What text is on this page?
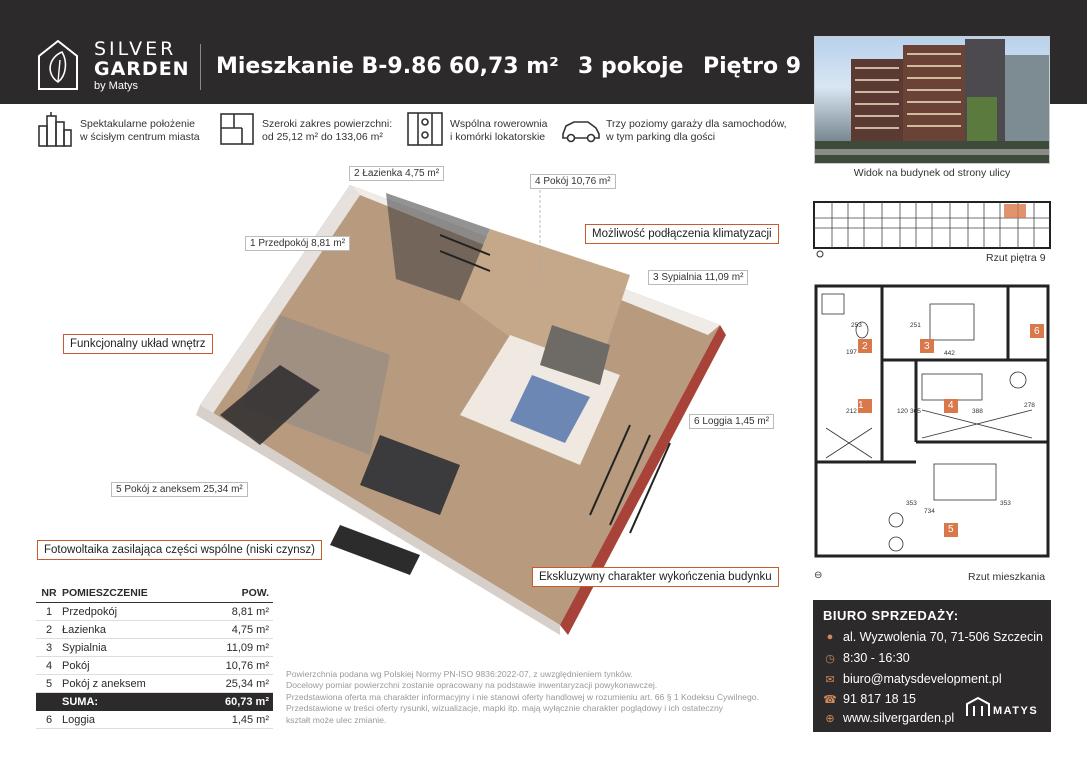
SILVER
GARDEN
by Matys
Mieszkanie B-9.86 60,73 m² 3 pokoje Piętro 9
Widok na budynek od strony ulicy
Spektakularne położenie
w ścisłym centrum miasta
Szeroki zakres powierzchni:
od 25,12 m² do 133,06 m²
Wspólna rowerownia
i komórki lokatorskie
Trzy poziomy garaży dla samochodów,
w tym parking dla gości
2 Łazienka 4,75 m²
4 Pokój 10,76 m²
1 Przedpokój 8,81 m²
3 Sypialnia 11,09 m²
6 Loggia 1,45 m²
5 Pokój z aneksem 25,34 m²
Możliwość podłączenia klimatyzacji
Funkcjonalny układ wnętrz
Fotowoltaika zasilająca części wspólne (niski czynsz)
Ekskluzywny charakter wykończenia budynku
Rzut piętra 9
1
2	3
4
5
6
253	251
197	442
212	120 305	388
278
734
353	353
⊖	Rzut mieszkania
NR POMIESZCZENIE	POW.
1 Przedpokój	8,81 m²
2 Łazienka	4,75 m²
3 Sypialnia	11,09 m²
4 Pokój	10,76 m²
5 Pokój z aneksem	25,34 m²
SUMA:	60,73 m²
6 Loggia	1,45 m²
Powierzchnia podana wg Polskiej Normy PN-ISO 9836:2022-07, z uwzględnieniem tynków.
Docelowy pomiar powierzchni zostanie opracowany na podstawie inwentaryzacji powykonawczej.
Przedstawiona oferta ma charakter informacyjny i nie stanowi oferty handlowej w rozumieniu art. 66 § 1 Kodeksu Cywilnego.
Przedstawione w treści oferty rysunki, wizualizacje, mapki itp. mają wyłącznie charakter poglądowy i ich ostateczny
kształt może ulec zmianie.
BIURO SPRZEDAŻY:
● al. Wyzwolenia 70, 71-506 Szczecin
◷ 8:30 - 16:30
✉ biuro@matysdevelopment.pl
☎ 91 817 18 15
⊕ www.silvergarden.pl	MATYS
